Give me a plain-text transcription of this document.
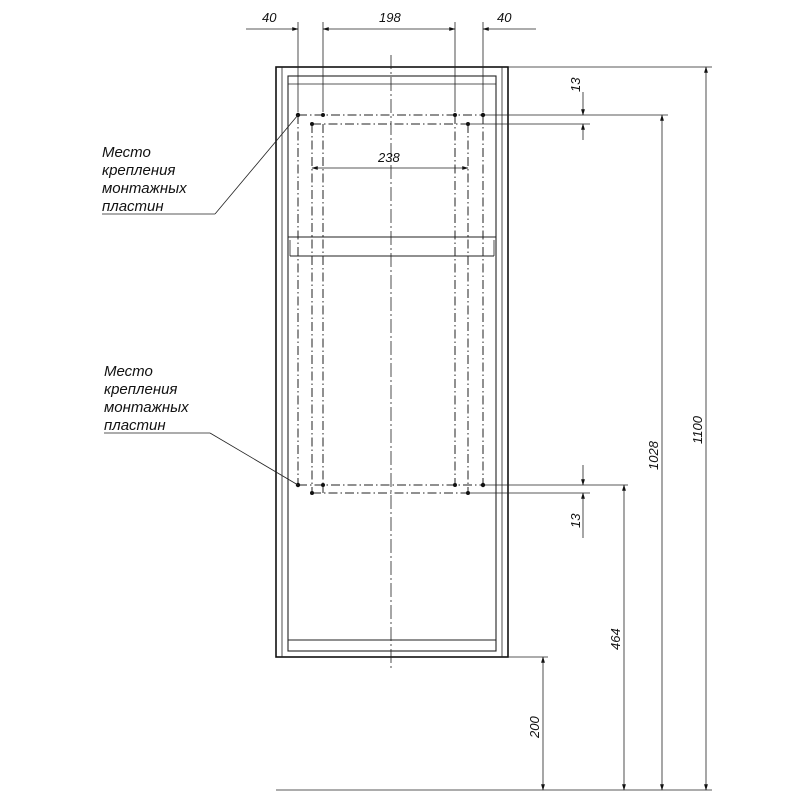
40	198	40
238
13
13
464
1028
1100
200
Место
крепления
монтажных
пластин
Место
крепления
монтажных
пластин
